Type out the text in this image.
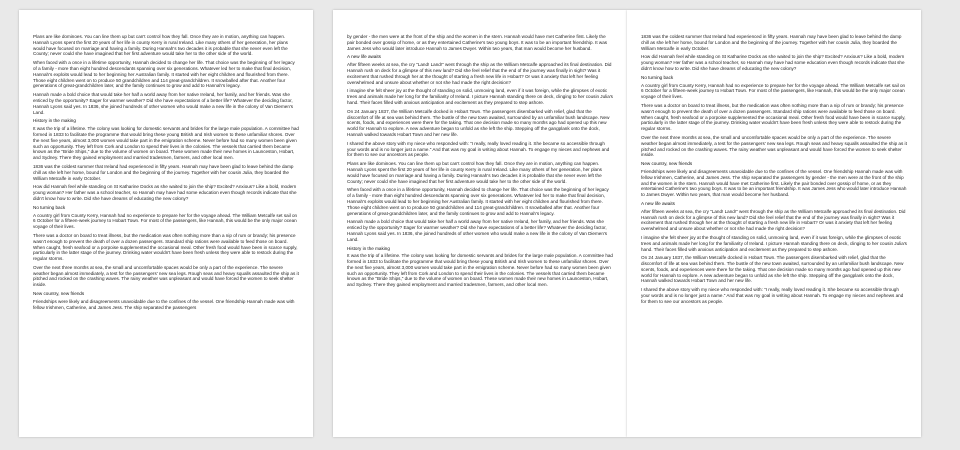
Plans are like dominoes. You can line them up but can't control how they fall. Once they are in motion, anything can happen. Hannah Lyons spent the first 20 years of her life in county Kerry in rural Ireland. Like many others of her generation, her plans would have focused on marriage and having a family. During Hannah's two decades it is probable that she never even left the County; never could she have imagined that her first adventure would take her to the other side of the world.

When faced with a once in a lifetime opportunity, Hannah decided to change her life. That choice was the beginning of her legacy of a family - more than eight hundred descendants spanning over six generations. Whatever led her to make that final decision, Hannah's exploits would lead to her beginning her Australian family. It started with her eight children and flourished from there. Those eight children went on to produce 50 grandchildren and 114 great-grandchildren. It snowballed after that. Another four generations of great-grandchildren later, and the family continues to grow and add to Hannah's legacy.

Hannah made a bold choice that would take her half a world away from her native Ireland, her family, and her friends. Was she enticed by the opportunity? Eager for warmer weather? Did she have expectations of a better life? Whatever the deciding factor, Hannah Lyons said yes. In 1836, she joined hundreds of other women who would make a new life in the colony of Van Diemen's Land.

History in the making

It was the trip of a lifetime. The colony was looking for domestic servants and brides for the large male population. A committee had formed in 1833 to facilitate the programme that would bring these young British and Irish women to these unfamiliar shores. Over the next five years, almost 3,000 women would take part in the emigration scheme. Never before had so many women been given such an opportunity. They left from Cork and London to spend their lives in the colonies. The vessels that carried them became known as the "Bride Ships," due to the volume of women on board. These women made their new homes in Launceston, Hobart, and Sydney. There they gained employment and married tradesmen, farmers, and other local men.

1836 was the coldest summer that Ireland had experienced in fifty years. Hannah may have been glad to leave behind the damp chill as she left her home, bound for London and the beginning of the journey. Together with her cousin Julia, they boarded the William Metcalfe in early October.

How did Hannah feel while standing on St Katharine Docks as she waited to join the ship? Excited? Anxious? Like a bold, modern young woman? Her father was a school teacher, so Hannah may have had some education even though records indicate that she didn't know how to write. Did she have dreams of educating the new colony?

No turning back

A country girl from County Kerry, Hannah had no experience to prepare her for the voyage ahead. The William Metcalfe set sail on 6 October for a fifteen-week journey to Hobart Town. For most of the passengers, like Hannah, this would be the only major ocean voyage of their lives.

There was a doctor on board to treat illness, but the medication was often nothing more than a nip of rum or brandy; his presence wasn't enough to prevent the death of over a dozen passengers. Standard ship rations were available to feed those on board. When caught, fresh seafood or a porpoise supplemented the occasional meal. Other fresh food would have been in scarce supply, particularly in the latter stage of the journey. Drinking water wouldn't have been fresh unless they were able to restock during the regular storms.

Over the next three months at sea, the small and uncomfortable spaces would be only a part of the experience. The severe weather began almost immediately, a test for the passengers' new sea legs. Rough seas and heavy squalls assaulted the ship as it pitched and rocked on the crashing waves. The rainy weather was unpleasant and would have forced the women to seek shelter inside.

New country, new friends

Friendships were likely and disagreements unavoidable due to the confines of the vessel. One friendship Hannah made was with fellow Irishmen, Catherine, and James Jess. The ship separated the passengers

by gender - the men were at the front of the ship and the women in the stern. Hannah would have met Catherine first. Likely the pair bonded over gossip of home, or as they entertained Catherine's two young boys. It was to be an important friendship. It was James Jess who would later introduce Hannah to James Dwyer. Within two years, that man would become her husband.

A new life awaits

After fifteen weeks at sea, the cry "Land! Land!" went through the ship as the William Metcalfe approached its final destination. Did Hannah rush on deck for a glimpse of this new land? Did she feel relief that the end of the journey was finally in sight? Was it excitement that rushed through her at the thought of starting a fresh new life in Hobart? Or was it anxiety that left her feeling overwhelmed and unsure about whether or not she had made the right decision?

I imagine she felt sheer joy at the thought of standing on solid, unmoving land, even if it was foreign, while the glimpses of exotic trees and animals made her long for the familiarity of Ireland. I picture Hannah standing there on deck, clinging to her cousin Julia's hand. Their faces filled with anxious anticipation and excitement as they prepared to step ashore.

On 24 January 1837, the William Metcalfe docked in Hobart Town. The passengers disembarked with relief, glad that the discomfort of life at sea was behind them. The bustle of the new town awaited, surrounded by an unfamiliar bush landscape. New scents, foods, and experiences were there for the taking. That one decision made so many months ago had opened up this new world for Hannah to explore. A new adventure began to unfold as she left the ship. Stepping off the gangplank onto the dock, Hannah walked towards Hobart Town and her new life.

I shared the above story with my niece who responded with: "I really, really loved reading it. She became so accessible through your words and is no longer just a name." And that was my goal in writing about Hannah. To engage my nieces and nephews and for them to see our ancestors as people.

Plans are like dominoes. You can line them up but can't control how they fall. Once they are in motion, anything can happen. Hannah Lyons spent the first 20 years of her life in county Kerry in rural Ireland. Like many others of her generation, her plans would have focused on marriage and having a family. During Hannah's two decades it is probable that she never even left the County; never could she have imagined that her first adventure would take her to the other side of the world.

When faced with a once in a lifetime opportunity, Hannah decided to change her life. That choice was the beginning of her legacy of a family - more than eight hundred descendants spanning over six generations. Whatever led her to make that final decision, Hannah's exploits would lead to her beginning her Australian family. It started with her eight children and flourished from there. Those eight children went on to produce 50 grandchildren and 114 great-grandchildren. It snowballed after that. Another four generations of great-grandchildren later, and the family continues to grow and add to Hannah's legacy.

Hannah made a bold choice that would take her half a world away from her native Ireland, her family, and her friends. Was she enticed by the opportunity? Eager for warmer weather? Did she have expectations of a better life? Whatever the deciding factor, Hannah Lyons said yes. In 1836, she joined hundreds of other women who would make a new life in the colony of Van Diemen's Land.

History in the making

It was the trip of a lifetime. The colony was looking for domestic servants and brides for the large male population. A committee had formed in 1833 to facilitate the programme that would bring these young British and Irish women to these unfamiliar shores. Over the next five years, almost 3,000 women would take part in the emigration scheme. Never before had so many women been given such an opportunity. They left from Cork and London to spend their lives in the colonies. The vessels that carried them became known as the "Bride Ships," due to the volume of women on board. These women made their new homes in Launceston, Hobart, and Sydney. There they gained employment and married tradesmen, farmers, and other local men.

1836 was the coldest summer that Ireland had experienced in fifty years. Hannah may have been glad to leave behind the damp chill as she left her home, bound for London and the beginning of the journey. Together with her cousin Julia, they boarded the William Metcalfe in early October.

How did Hannah feel while standing on St Katharine Docks as she waited to join the ship? Excited? Anxious? Like a bold, modern young woman? Her father was a school teacher, so Hannah may have had some education even though records indicate that she didn't know how to write. Did she have dreams of educating the new colony?

No turning back

A country girl from County Kerry, Hannah had no experience to prepare her for the voyage ahead. The William Metcalfe set sail on 6 October for a fifteen-week journey to Hobart Town. For most of the passengers, like Hannah, this would be the only major ocean voyage of their lives.

There was a doctor on board to treat illness, but the medication was often nothing more than a nip of rum or brandy; his presence wasn't enough to prevent the death of over a dozen passengers. Standard ship rations were available to feed those on board. When caught, fresh seafood or a porpoise supplemented the occasional meal. Other fresh food would have been in scarce supply, particularly in the latter stage of the journey. Drinking water wouldn't have been fresh unless they were able to restock during the regular storms.

Over the next three months at sea, the small and uncomfortable spaces would be only a part of the experience. The severe weather began almost immediately, a test for the passengers' new sea legs. Rough seas and heavy squalls assaulted the ship as it pitched and rocked on the crashing waves. The rainy weather was unpleasant and would have forced the women to seek shelter inside.

New country, new friends

Friendships were likely and disagreements unavoidable due to the confines of the vessel. One friendship Hannah made was with fellow Irishmen, Catherine, and James Jess. The ship separated the passengers by gender - the men were at the front of the ship and the women in the stern. Hannah would have met Catherine first. Likely the pair bonded over gossip of home, or as they entertained Catherine's two young boys. It was to be an important friendship. It was James Jess who would later introduce Hannah to James Dwyer. Within two years, that man would become her husband.

A new life awaits

After fifteen weeks at sea, the cry "Land! Land!" went through the ship as the William Metcalfe approached its final destination. Did Hannah rush on deck for a glimpse of this new land? Did she feel relief that the end of the journey was finally in sight? Was it excitement that rushed through her at the thought of starting a fresh new life in Hobart? Or was it anxiety that left her feeling overwhelmed and unsure about whether or not she had made the right decision?

I imagine she felt sheer joy at the thought of standing on solid, unmoving land, even if it was foreign, while the glimpses of exotic trees and animals made her long for the familiarity of Ireland. I picture Hannah standing there on deck, clinging to her cousin Julia's hand. Their faces filled with anxious anticipation and excitement as they prepared to step ashore.

On 24 January 1837, the William Metcalfe docked in Hobart Town. The passengers disembarked with relief, glad that the discomfort of life at sea was behind them. The bustle of the new town awaited, surrounded by an unfamiliar bush landscape. New scents, foods, and experiences were there for the taking. That one decision made so many months ago had opened up this new world for Hannah to explore. A new adventure began to unfold as she left the ship. Stepping off the gangplank onto the dock, Hannah walked towards Hobart Town and her new life.

I shared the above story with my niece who responded with: "I really, really loved reading it. She became so accessible through your words and is no longer just a name." And that was my goal in writing about Hannah. To engage my nieces and nephews and for them to see our ancestors as people.
